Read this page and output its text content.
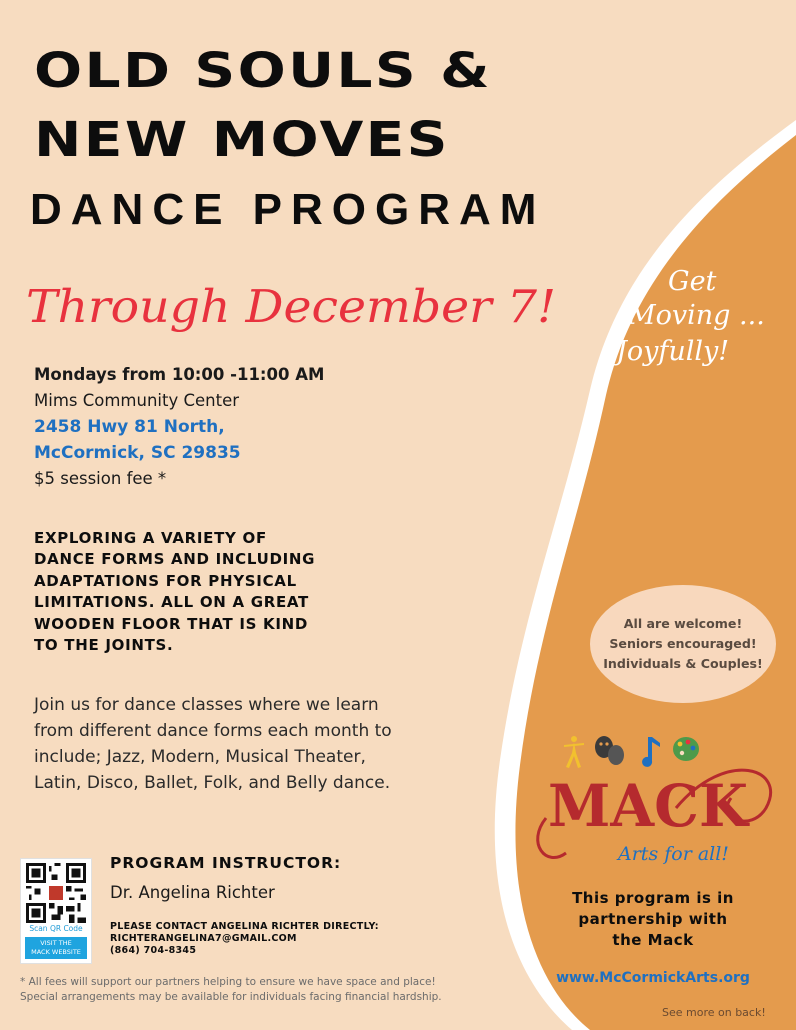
OLD SOULS &
NEW MOVES
DANCE PROGRAM
Through December 7!
Mondays from 10:00 -11:00 AM
Mims Community Center
2458 Hwy 81 North,
McCormick, SC 29835
$5 session fee *
EXPLORING A VARIETY OF
DANCE FORMS AND INCLUDING
ADAPTATIONS FOR PHYSICAL
LIMITATIONS. ALL ON A GREAT
WOODEN FLOOR THAT IS KIND
TO THE JOINTS.
Join us for dance classes where we learn
from different dance forms each month to
include; Jazz, Modern, Musical Theater,
Latin, Disco, Ballet, Folk, and Belly dance.
Get
Moving ...
Joyfully!
All are welcome!
Seniors encouraged!
Individuals & Couples!
MACK
Arts for all!
This program is in
partnership with
the Mack
www.McCormickArts.org
See more on back!
Scan QR Code
VISIT THE
MACK WEBSITE
PROGRAM INSTRUCTOR:
Dr. Angelina Richter
PLEASE CONTACT ANGELINA RICHTER DIRECTLY:
RICHTERANGELINA7@GMAIL.COM
(864) 704-8345
* All fees will support our partners helping to ensure we have space and place!
Special arrangements may be available for individuals facing financial hardship.
